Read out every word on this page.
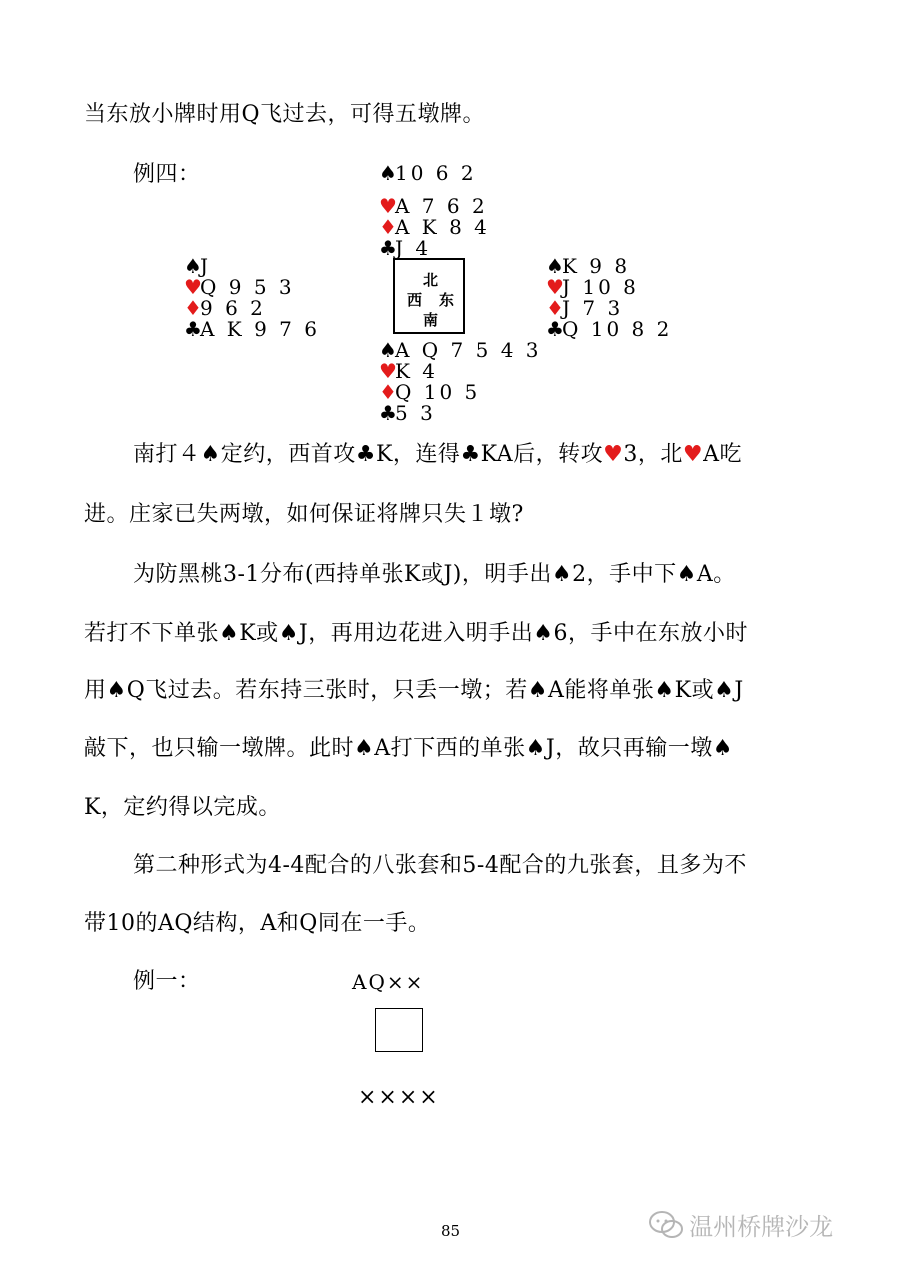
当东放小牌时用Q飞过去，可得五墩牌。
例四：	♠10 6 2
♥A 7 6 2
♦A K 8 4
♣J 4
♠J
♥Q 9 5 3
♦9 6 2
♣A K 9 7 6
北
西 东
南
♠K 9 8
♥J 10 8
♦J 7 3
♣Q 10 8 2
♠A Q 7 5 4 3
♥K 4
♦Q 10 5
♣5 3
南打４♠定约，西首攻♣K，连得♣KA后，转攻♥3，北♥A吃
进。庄家已失两墩，如何保证将牌只失１墩?
为防黑桃3-1分布(西持单张K或J)，明手出♠2，手中下♠A。
若打不下单张♠K或♠J，再用边花进入明手出♠6，手中在东放小时
用♠Q飞过去。若东持三张时，只丢一墩；若♠A能将单张♠K或♠J
敲下，也只输一墩牌。此时♠A打下西的单张♠J，故只再输一墩♠
K，定约得以完成。
第二种形式为4-4配合的八张套和5-4配合的九张套，且多为不
带10的AQ结构，A和Q同在一手。
例一：	AQ××
××××
85	温州桥牌沙龙
